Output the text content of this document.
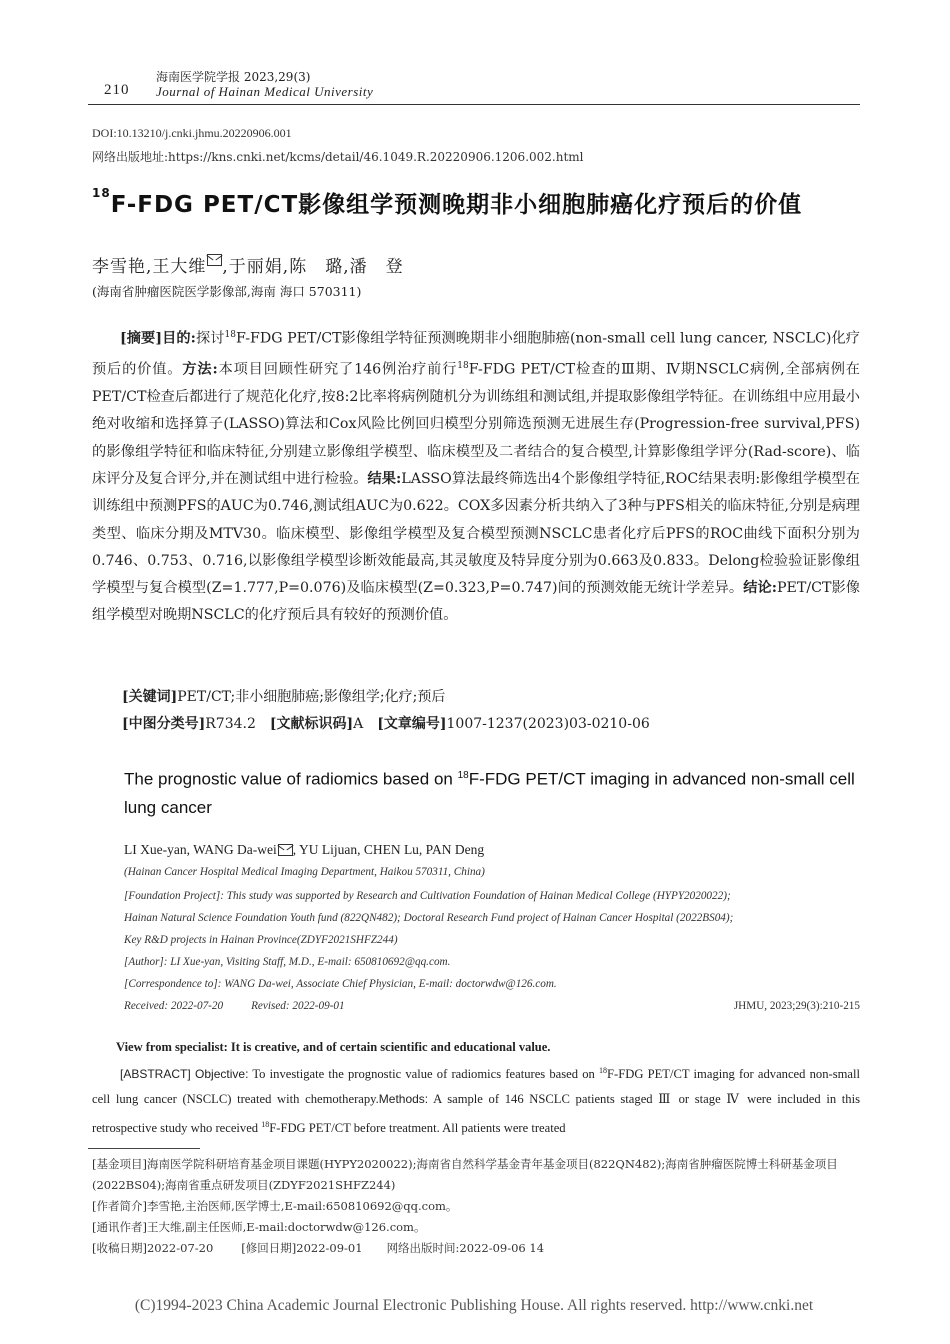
210
海南医学院学报 2023,29(3)
Journal of Hainan Medical University
DOI:10.13210/j.cnki.jhmu.20220906.001
网络出版地址:https://kns.cnki.net/kcms/detail/46.1049.R.20220906.1206.002.html
$^{18}$F-FDG PET/CT影像组学预测晚期非小细胞肺癌化疗预后的价值
李雪艳,王大维 ,于丽娟,陈　璐,潘　登
(海南省肿瘤医院医学影像部,海南 海口 570311)
[摘要]目的:探讨$^{18}$F-FDG PET/CT影像组学特征预测晚期非小细胞肺癌(non-small cell lung cancer, NSCLC)化疗预后的价值。方法:本项目回顾性研究了146例治疗前行$^{18}$F-FDG PET/CT检查的Ⅲ期、Ⅳ期NSCLC病例,全部病例在PET/CT检查后都进行了规范化化疗,按8:2比率将病例随机分为训练组和测试组,并提取影像组学特征。在训练组中应用最小绝对收缩和选择算子(LASSO)算法和Cox风险比例回归模型分别筛选预测无进展生存(Progression-free survival,PFS)的影像组学特征和临床特征,分别建立影像组学模型、临床模型及二者结合的复合模型,计算影像组学评分(Rad-score)、临床评分及复合评分,并在测试组中进行检验。结果:LASSO算法最终筛选出4个影像组学特征,ROC结果表明:影像组学模型在训练组中预测PFS的AUC为0.746,测试组AUC为0.622。COX多因素分析共纳入了3种与PFS相关的临床特征,分别是病理类型、临床分期及MTV30。临床模型、影像组学模型及复合模型预测NSCLC患者化疗后PFS的ROC曲线下面积分别为0.746、0.753、0.716,以影像组学模型诊断效能最高,其灵敏度及特异度分别为0.663及0.833。Delong检验验证影像组学模型与复合模型(Z=1.777,P=0.076)及临床模型(Z=0.323,P=0.747)间的预测效能无统计学差异。结论:PET/CT影像组学模型对晚期NSCLC的化疗预后具有较好的预测价值。
[关键词]PET/CT;非小细胞肺癌;影像组学;化疗;预后
[中图分类号]R734.2 [文献标识码]A [文章编号]1007-1237(2023)03-0210-06
The prognostic value of radiomics based on $^{18}$F-FDG PET/CT imaging in advanced non-small cell lung cancer
LI Xue-yan, WANG Da-wei , YU Lijuan, CHEN Lu, PAN Deng
(Hainan Cancer Hospital Medical Imaging Department, Haikou 570311, China)
[Foundation Project]: This study was supported by Research and Cultivation Foundation of Hainan Medical College (HYPY2020022);
Hainan Natural Science Foundation Youth fund (822QN482); Doctoral Research Fund project of Hainan Cancer Hospital (2022BS04);
Key R&D projects in Hainan Province(ZDYF2021SHFZ244)
[Author]: LI Xue-yan, Visiting Staff, M.D., E-mail: 650810692@qq.com.
[Correspondence to]: WANG Da-wei, Associate Chief Physician, E-mail: doctorwdw@126.com.
Received: 2022-07-20	Revised: 2022-09-01	JHMU, 2023;29(3):210-215
View from specialist: It is creative, and of certain scientific and educational value.
[ABSTRACT] Objective: To investigate the prognostic value of radiomics features based on $^{18}$F-FDG PET/CT imaging for advanced non-small cell lung cancer (NSCLC) treated with chemotherapy.Methods: A sample of 146 NSCLC patients staged Ⅲ or stage Ⅳ were included in this retrospective study who received $^{18}$F-FDG PET/CT before treatment. All patients were treated
[基金项目]海南医学院科研培育基金项目课题(HYPY2020022);海南省自然科学基金青年基金项目(822QN482);海南省肿瘤医院博士科研基金项目(2022BS04);海南省重点研发项目(ZDYF2021SHFZ244)
[作者简介]李雪艳,主治医师,医学博士,E-mail:650810692@qq.com。
[通讯作者]王大维,副主任医师,E-mail:doctorwdw@126.com。
[收稿日期]2022-07-20 [修回日期]2022-09-01 网络出版时间:2022-09-06 14
(C)1994-2023 China Academic Journal Electronic Publishing House. All rights reserved. http://www.cnki.net
